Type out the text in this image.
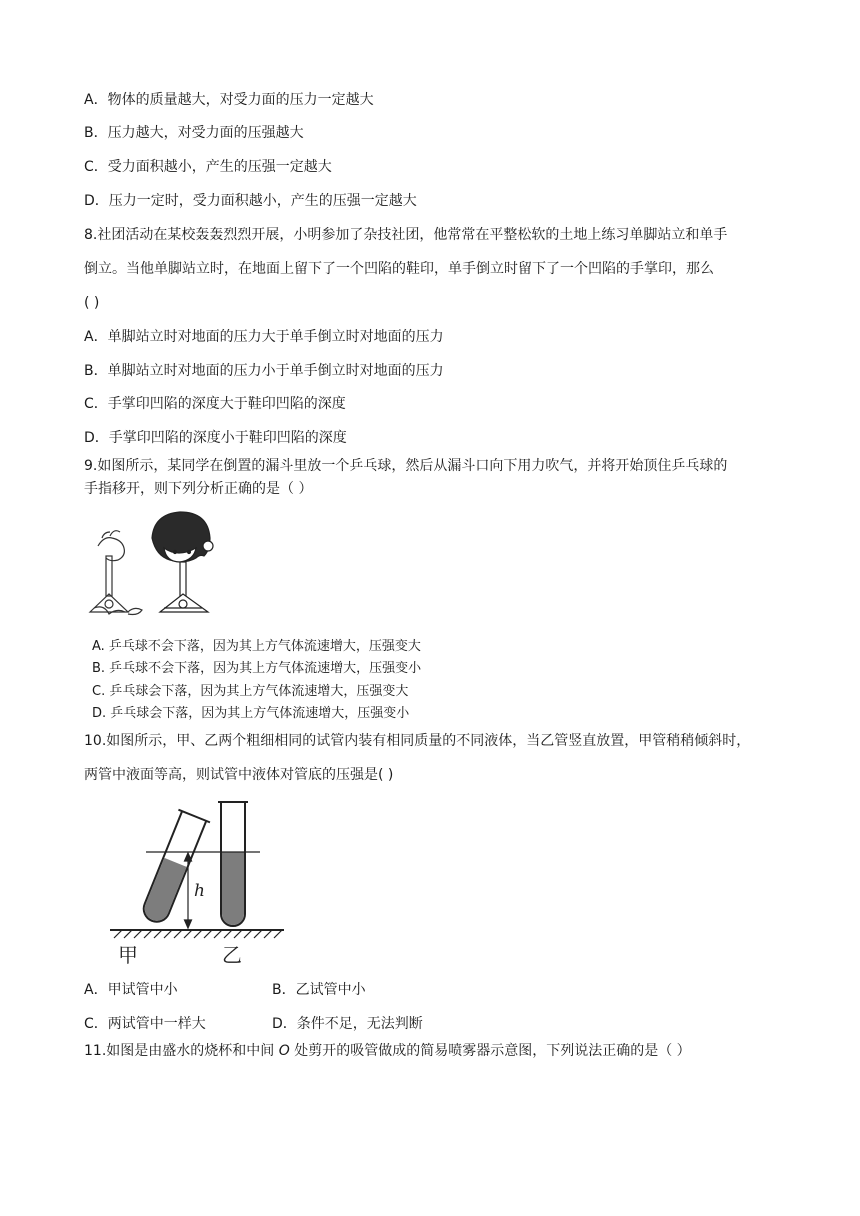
A．物体的质量越大，对受力面的压力一定越大
B．压力越大，对受力面的压强越大
C．受力面积越小，产生的压强一定越大
D．压力一定时，受力面积越小，产生的压强一定越大
8.社团活动在某校轰轰烈烈开展，小明参加了杂技社团，他常常在平整松软的土地上练习单脚站立和单手
倒立。当他单脚站立时，在地面上留下了一个凹陷的鞋印，单手倒立时留下了一个凹陷的手掌印，那么
( )
A．单脚站立时对地面的压力大于单手倒立时对地面的压力
B．单脚站立时对地面的压力小于单手倒立时对地面的压力
C．手掌印凹陷的深度大于鞋印凹陷的深度
D．手掌印凹陷的深度小于鞋印凹陷的深度
9.如图所示，某同学在倒置的漏斗里放一个乒乓球，然后从漏斗口向下用力吹气，并将开始顶住乒乓球的
手指移开，则下列分析正确的是（ ）
A. 乒乓球不会下落，因为其上方气体流速增大，压强变大
B. 乒乓球不会下落，因为其上方气体流速增大，压强变小
C. 乒乓球会下落，因为其上方气体流速增大，压强变大
D. 乒乓球会下落，因为其上方气体流速增大，压强变小
10.如图所示，甲、乙两个粗细相同的试管内装有相同质量的不同液体，当乙管竖直放置，甲管稍稍倾斜时，
两管中液面等高，则试管中液体对管底的压强是( )
h
甲	乙
A．甲试管中小	B．乙试管中小
C．两试管中一样大	D．条件不足，无法判断
11.如图是由盛水的烧杯和中间 O 处剪开的吸管做成的简易喷雾器示意图，下列说法正确的是（ ）
